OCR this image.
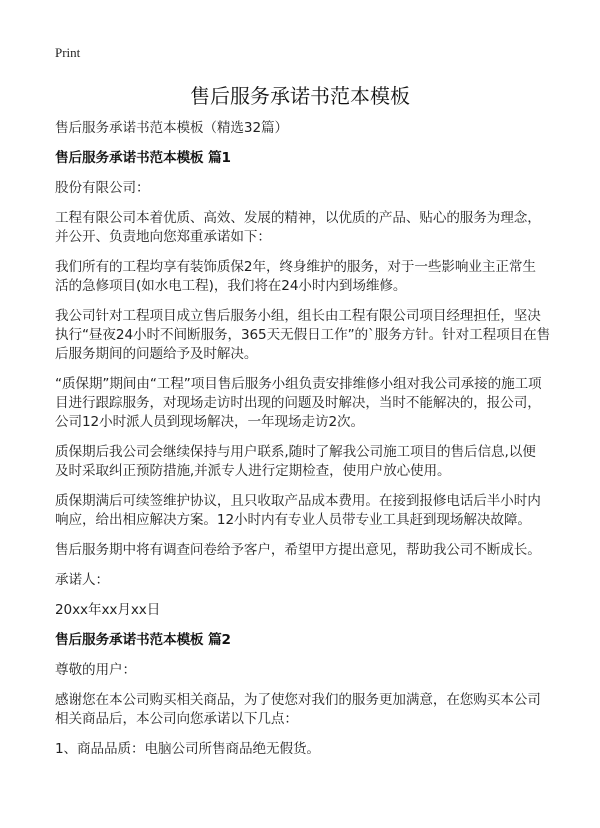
Print
售后服务承诺书范本模板

售后服务承诺书范本模板（精选32篇）

售后服务承诺书范本模板 篇1

股份有限公司：

工程有限公司本着优质、高效、发展的精神，以优质的产品、贴心的服务为理念，
并公开、负责地向您郑重承诺如下：

我们所有的工程均享有装饰质保2年，终身维护的服务，对于一些影响业主正常生
活的急修项目(如水电工程)，我们将在24小时内到场维修。

我公司针对工程项目成立售后服务小组，组长由工程有限公司项目经理担任，坚决
执行“昼夜24小时不间断服务，365天无假日工作”的`服务方针。针对工程项目在售
后服务期间的问题给予及时解决。

“质保期”期间由“工程”项目售后服务小组负责安排维修小组对我公司承接的施工项
目进行跟踪服务，对现场走访时出现的问题及时解决，当时不能解决的，报公司，
公司12小时派人员到现场解决，一年现场走访2次。

质保期后我公司会继续保持与用户联系,随时了解我公司施工项目的售后信息,以便
及时采取纠正预防措施,并派专人进行定期检查，使用户放心使用。

质保期满后可续签维护协议，且只收取产品成本费用。在接到报修电话后半小时内
响应，给出相应解决方案。12小时内有专业人员带专业工具赶到现场解决故障。

售后服务期中将有调查问卷给予客户，希望甲方提出意见，帮助我公司不断成长。

承诺人：

20xx年xx月xx日

售后服务承诺书范本模板 篇2

尊敬的用户：

感谢您在本公司购买相关商品，为了使您对我们的服务更加满意，在您购买本公司
相关商品后，本公司向您承诺以下几点：

1、商品品质：电脑公司所售商品绝无假货。
